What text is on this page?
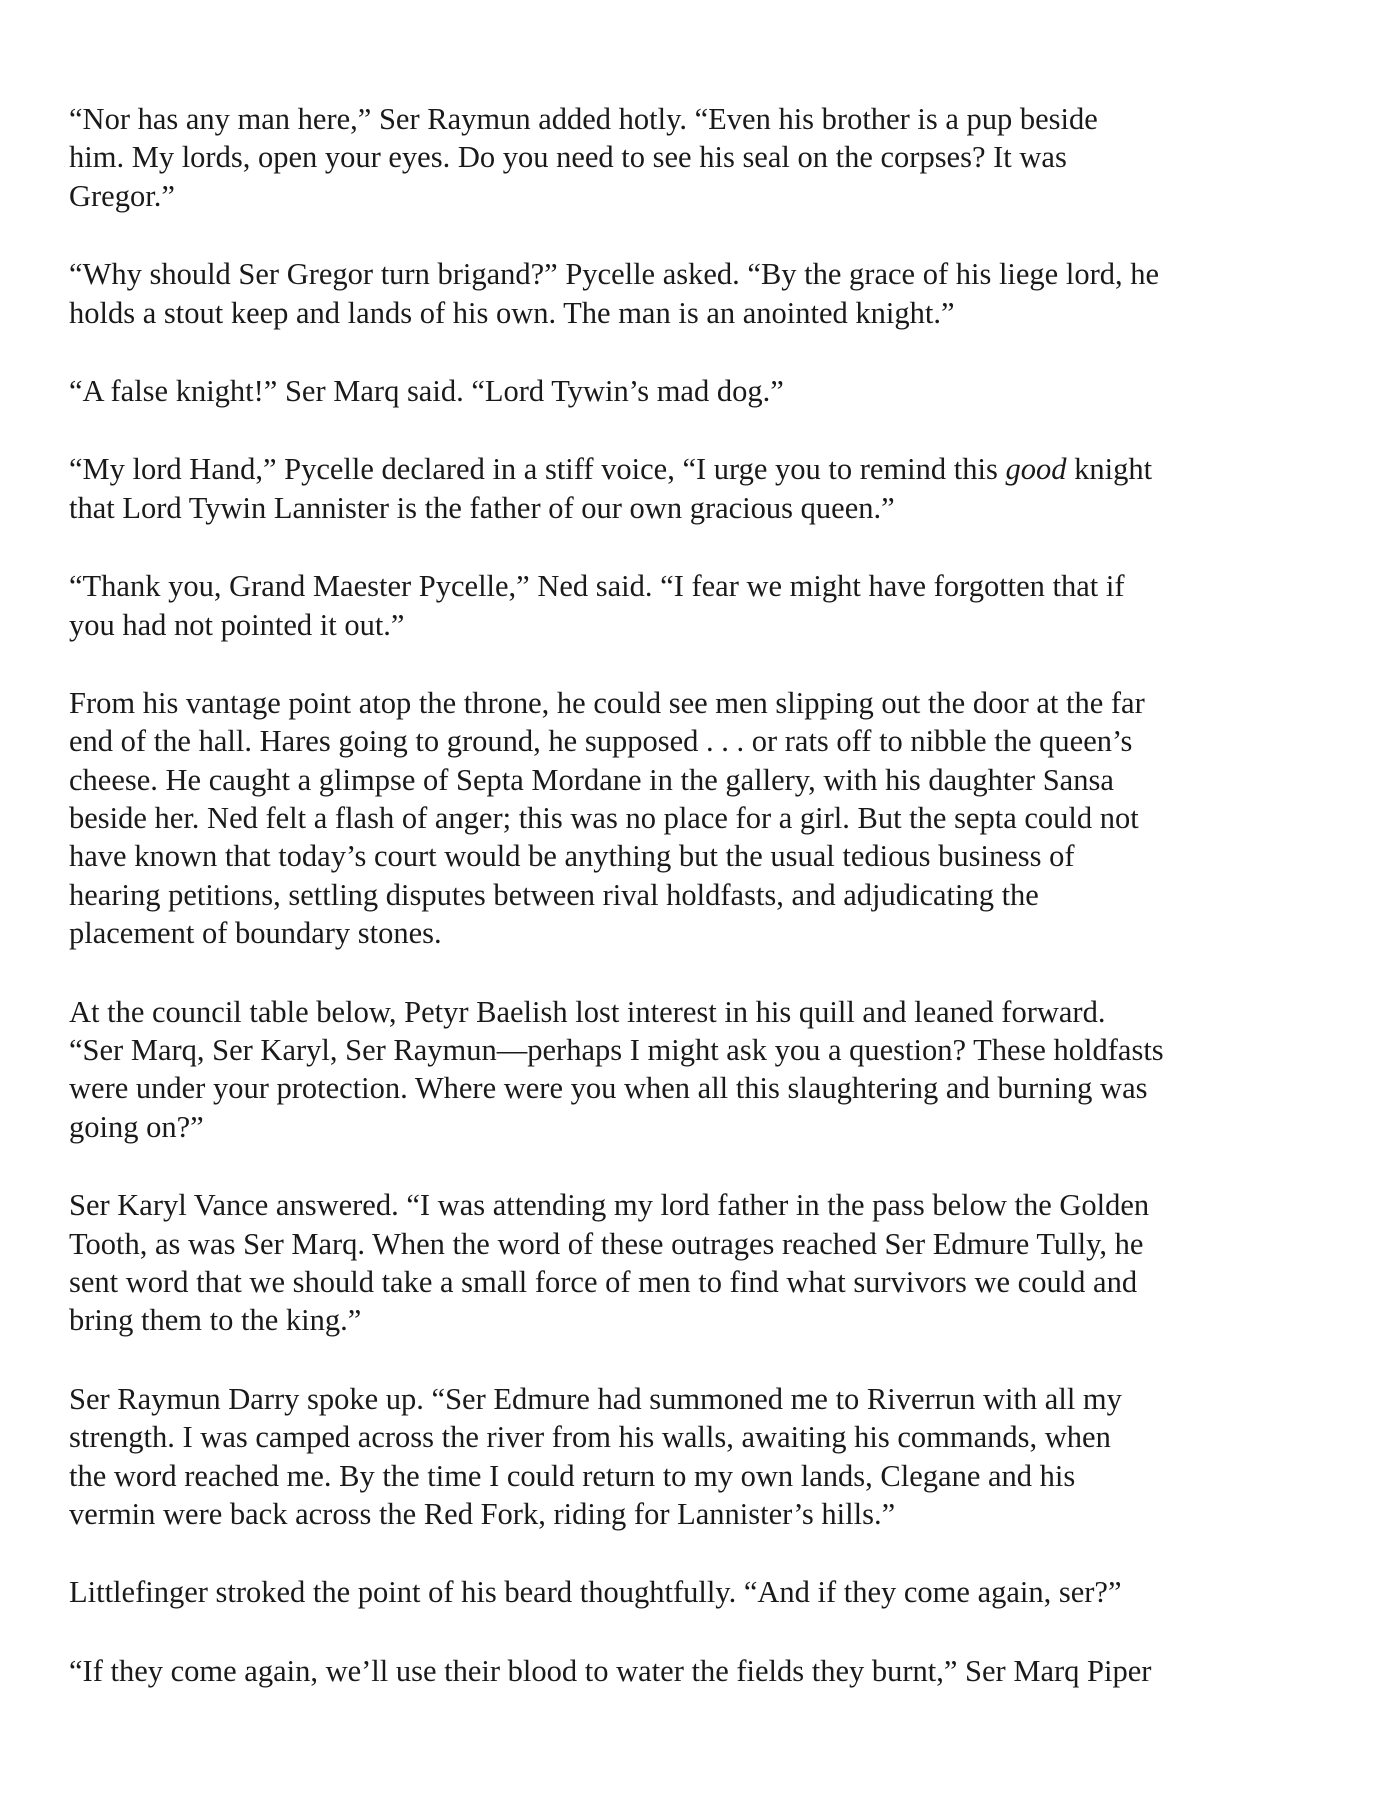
“Nor has any man here,” Ser Raymun added hotly. “Even his brother is a pup beside
him. My lords, open your eyes. Do you need to see his seal on the corpses? It was
Gregor.”

“Why should Ser Gregor turn brigand?” Pycelle asked. “By the grace of his liege lord, he
holds a stout keep and lands of his own. The man is an anointed knight.”

“A false knight!” Ser Marq said. “Lord Tywin’s mad dog.”

“My lord Hand,” Pycelle declared in a stiff voice, “I urge you to remind this good knight
that Lord Tywin Lannister is the father of our own gracious queen.”

“Thank you, Grand Maester Pycelle,” Ned said. “I fear we might have forgotten that if
you had not pointed it out.”

From his vantage point atop the throne, he could see men slipping out the door at the far
end of the hall. Hares going to ground, he supposed . . . or rats off to nibble the queen’s
cheese. He caught a glimpse of Septa Mordane in the gallery, with his daughter Sansa
beside her. Ned felt a flash of anger; this was no place for a girl. But the septa could not
have known that today’s court would be anything but the usual tedious business of
hearing petitions, settling disputes between rival holdfasts, and adjudicating the
placement of boundary stones.

At the council table below, Petyr Baelish lost interest in his quill and leaned forward.
“Ser Marq, Ser Karyl, Ser Raymun—perhaps I might ask you a question? These holdfasts
were under your protection. Where were you when all this slaughtering and burning was
going on?”

Ser Karyl Vance answered. “I was attending my lord father in the pass below the Golden
Tooth, as was Ser Marq. When the word of these outrages reached Ser Edmure Tully, he
sent word that we should take a small force of men to find what survivors we could and
bring them to the king.”

Ser Raymun Darry spoke up. “Ser Edmure had summoned me to Riverrun with all my
strength. I was camped across the river from his walls, awaiting his commands, when
the word reached me. By the time I could return to my own lands, Clegane and his
vermin were back across the Red Fork, riding for Lannister’s hills.”

Littlefinger stroked the point of his beard thoughtfully. “And if they come again, ser?”

“If they come again, we’ll use their blood to water the fields they burnt,” Ser Marq Piper
